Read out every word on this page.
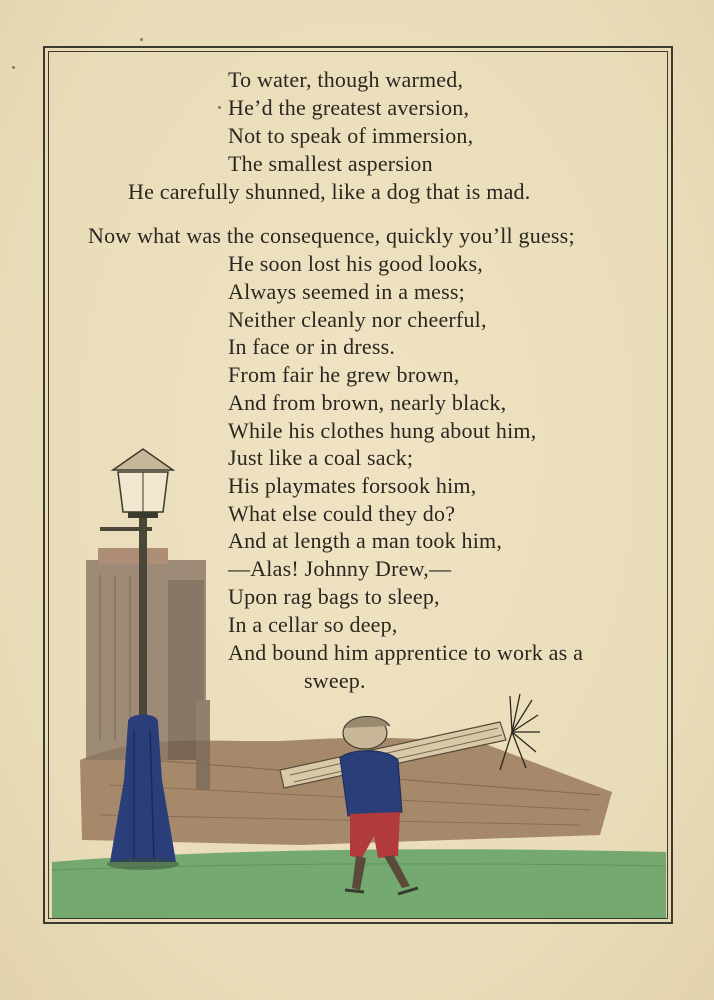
To water, though warmed,

He’d the greatest aversion,

Not to speak of immersion,

The smallest aspersion

He carefully shunned, like a dog that is mad.

Now what was the consequence, quickly you’ll guess;

He soon lost his good looks,

Always seemed in a mess;

Neither cleanly nor cheerful,

In face or in dress.

From fair he grew brown,

And from brown, nearly black,

While his clothes hung about him,

Just like a coal sack;

His playmates forsook him,

What else could they do?

And at length a man took him,

—Alas! Johnny Drew,—

Upon rag bags to sleep,

In a cellar so deep,

And bound him apprentice to work as a

sweep.
